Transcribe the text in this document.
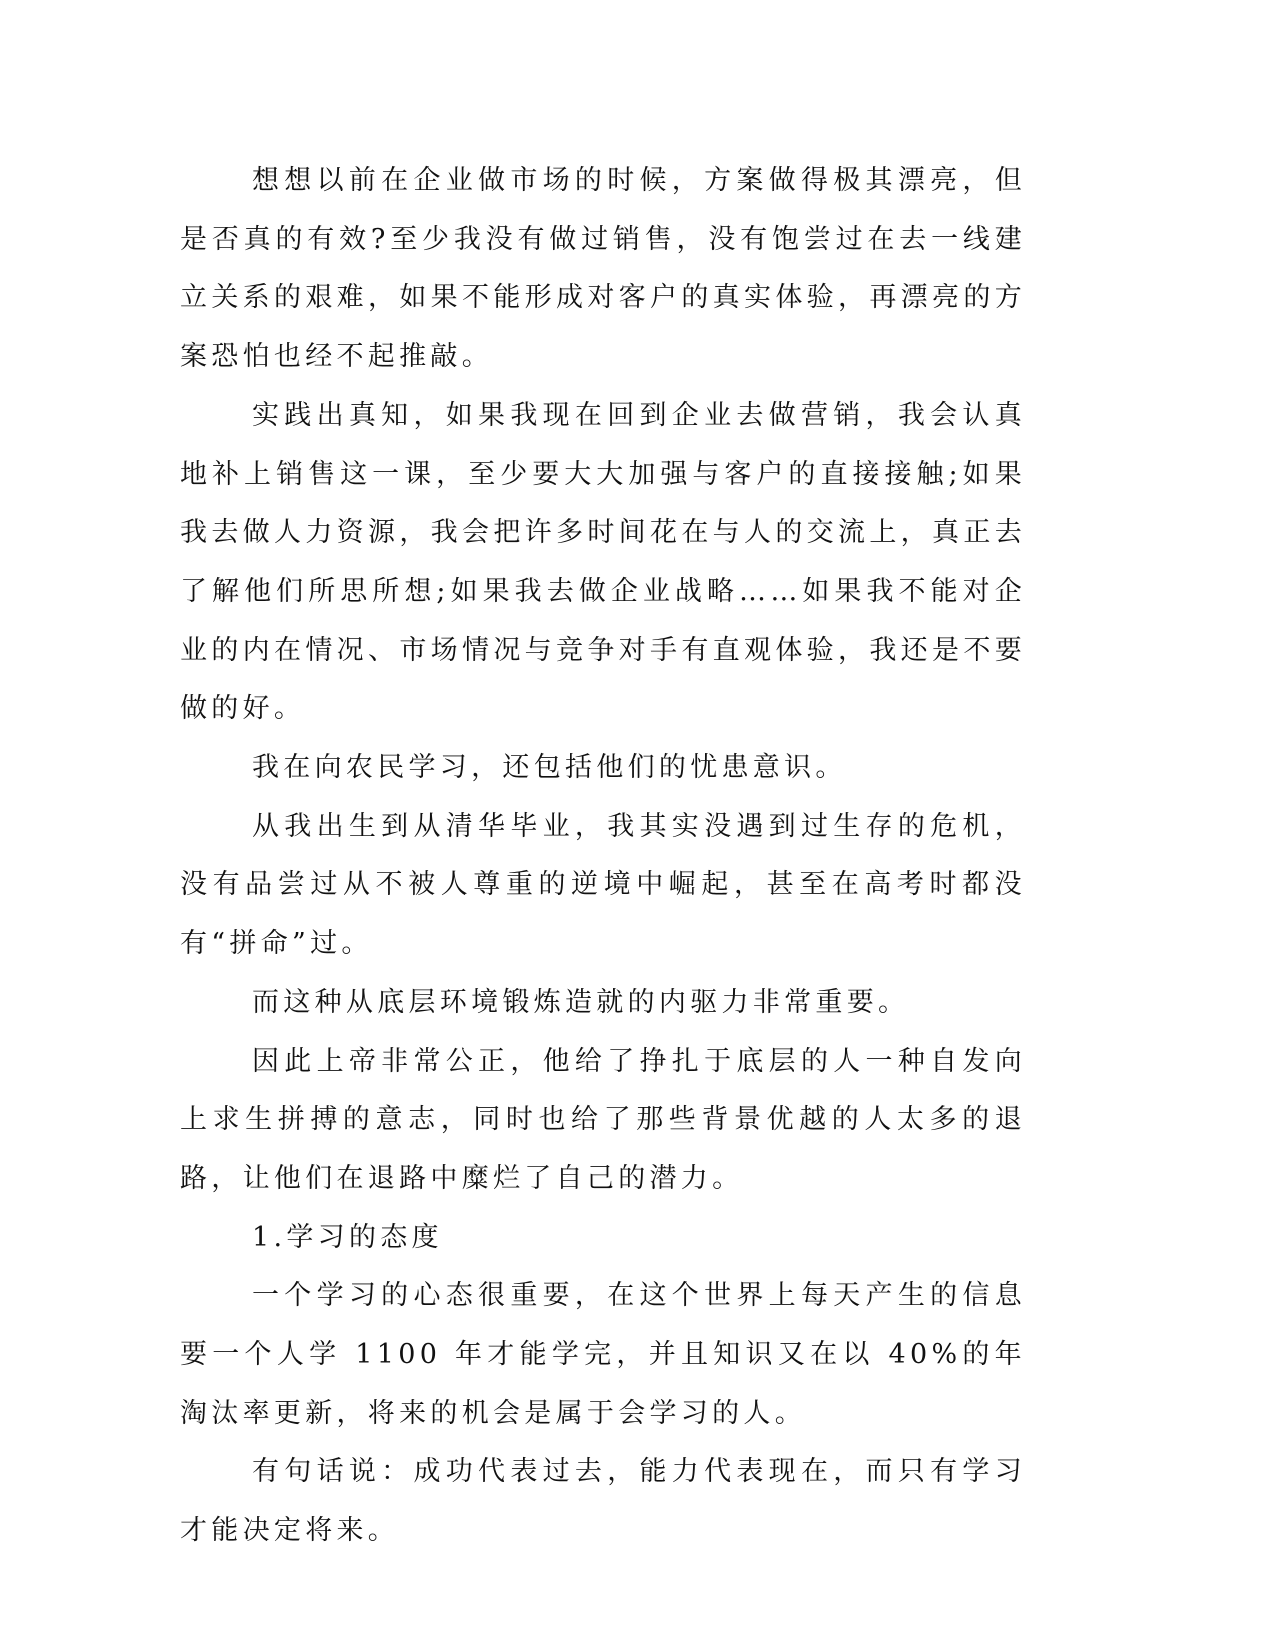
想想以前在企业做市场的时候，方案做得极其漂亮，但是否真的有效?至少我没有做过销售，没有饱尝过在去一线建立关系的艰难，如果不能形成对客户的真实体验，再漂亮的方案恐怕也经不起推敲。

实践出真知，如果我现在回到企业去做营销，我会认真地补上销售这一课，至少要大大加强与客户的直接接触;如果我去做人力资源，我会把许多时间花在与人的交流上，真正去了解他们所思所想;如果我去做企业战略……如果我不能对企业的内在情况、市场情况与竞争对手有直观体验，我还是不要做的好。

我在向农民学习，还包括他们的忧患意识。

从我出生到从清华毕业，我其实没遇到过生存的危机，没有品尝过从不被人尊重的逆境中崛起，甚至在高考时都没有“拼命”过。

而这种从底层环境锻炼造就的内驱力非常重要。

因此上帝非常公正，他给了挣扎于底层的人一种自发向上求生拼搏的意志，同时也给了那些背景优越的人太多的退路，让他们在退路中糜烂了自己的潜力。

1.学习的态度

一个学习的心态很重要，在这个世界上每天产生的信息要一个人学 1100 年才能学完，并且知识又在以 40%的年淘汰率更新，将来的机会是属于会学习的人。

有句话说：成功代表过去，能力代表现在，而只有学习才能决定将来。
